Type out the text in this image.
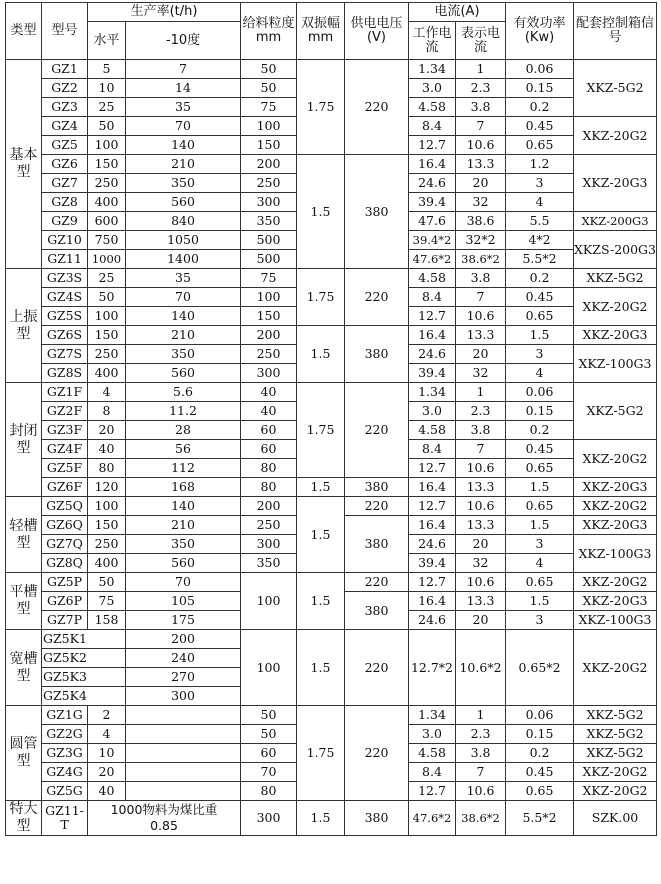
类型	型号	生产率(t/h)		给料粒度mm	双振幅mm	供电电压(V)	电流(A)		有效功率(Kw)	配套控制箱信号
		水平	-10度				工作电流	表示电流		
基本型	GZ1	5	7	50	1.75	220	1.34	1	0.06	XKZ-5G2
	GZ2	10	14	50			3.0	2.3	0.15	
	GZ3	25	35	75			4.58	3.8	0.2	
	GZ4	50	70	100			8.4	7	0.45	XKZ-20G2
	GZ5	100	140	150			12.7	10.6	0.65	
	GZ6	150	210	200	1.5	380	16.4	13.3	1.2	XKZ-20G3
	GZ7	250	350	250			24.6	20	3	
	GZ8	400	560	300			39.4	32	4	
	GZ9	600	840	350			47.6	38.6	5.5	XKZ-200G3
	GZ10	750	1050	500			39.4*2	32*2	4*2	XKZS-200G3
	GZ11	1000	1400	500			47.6*2	38.6*2	5.5*2	
上振型	GZ3S	25	35	75	1.75	220	4.58	3.8	0.2	XKZ-5G2
	GZ4S	50	70	100			8.4	7	0.45	XKZ-20G2
	GZ5S	100	140	150			12.7	10.6	0.65	
	GZ6S	150	210	200	1.5	380	16.4	13.3	1.5	XKZ-20G3
	GZ7S	250	350	250			24.6	20	3	XKZ-100G3
	GZ8S	400	560	300			39.4	32	4	
封闭型	GZ1F	4	5.6	40	1.75	220	1.34	1	0.06	XKZ-5G2
	GZ2F	8	11.2	40			3.0	2.3	0.15	
	GZ3F	20	28	60			4.58	3.8	0.2	
	GZ4F	40	56	60			8.4	7	0.45	XKZ-20G2
	GZ5F	80	112	80			12.7	10.6	0.65	
	GZ6F	120	168	80	1.5	380	16.4	13.3	1.5	XKZ-20G3
轻槽型	GZ5Q	100	140	200	1.5	220	12.7	10.6	0.65	XKZ-20G2
	GZ6Q	150	210	250		380	16.4	13.3	1.5	XKZ-20G3
	GZ7Q	250	350	300			24.6	20	3	XKZ-100G3
	GZ8Q	400	560	350			39.4	32	4	
平槽型	GZ5P	50	70	100	1.5	220	12.7	10.6	0.65	XKZ-20G2
	GZ6P	75	105			380	16.4	13.3	1.5	XKZ-20G3
	GZ7P	158	175				24.6	20	3	XKZ-100G3
宽槽型	GZ5K1		200	100	1.5	220	12.7*2	10.6*2	0.65*2	XKZ-20G2
	GZ5K2		240							
	GZ5K3		270							
	GZ5K4		300							
圆管型	GZ1G	2		50	1.75	220	1.34	1	0.06	XKZ-5G2
	GZ2G	4		50			3.0	2.3	0.15	XKZ-5G2
	GZ3G	10		60			4.58	3.8	0.2	XKZ-5G2
	GZ4G	20		70			8.4	7	0.45	XKZ-20G2
	GZ5G	40		80			12.7	10.6	0.65	XKZ-20G2
特大型	GZ11-T	1000物料为煤比重0.85		300	1.5	380	47.6*2	38.6*2	5.5*2	SZK.00
